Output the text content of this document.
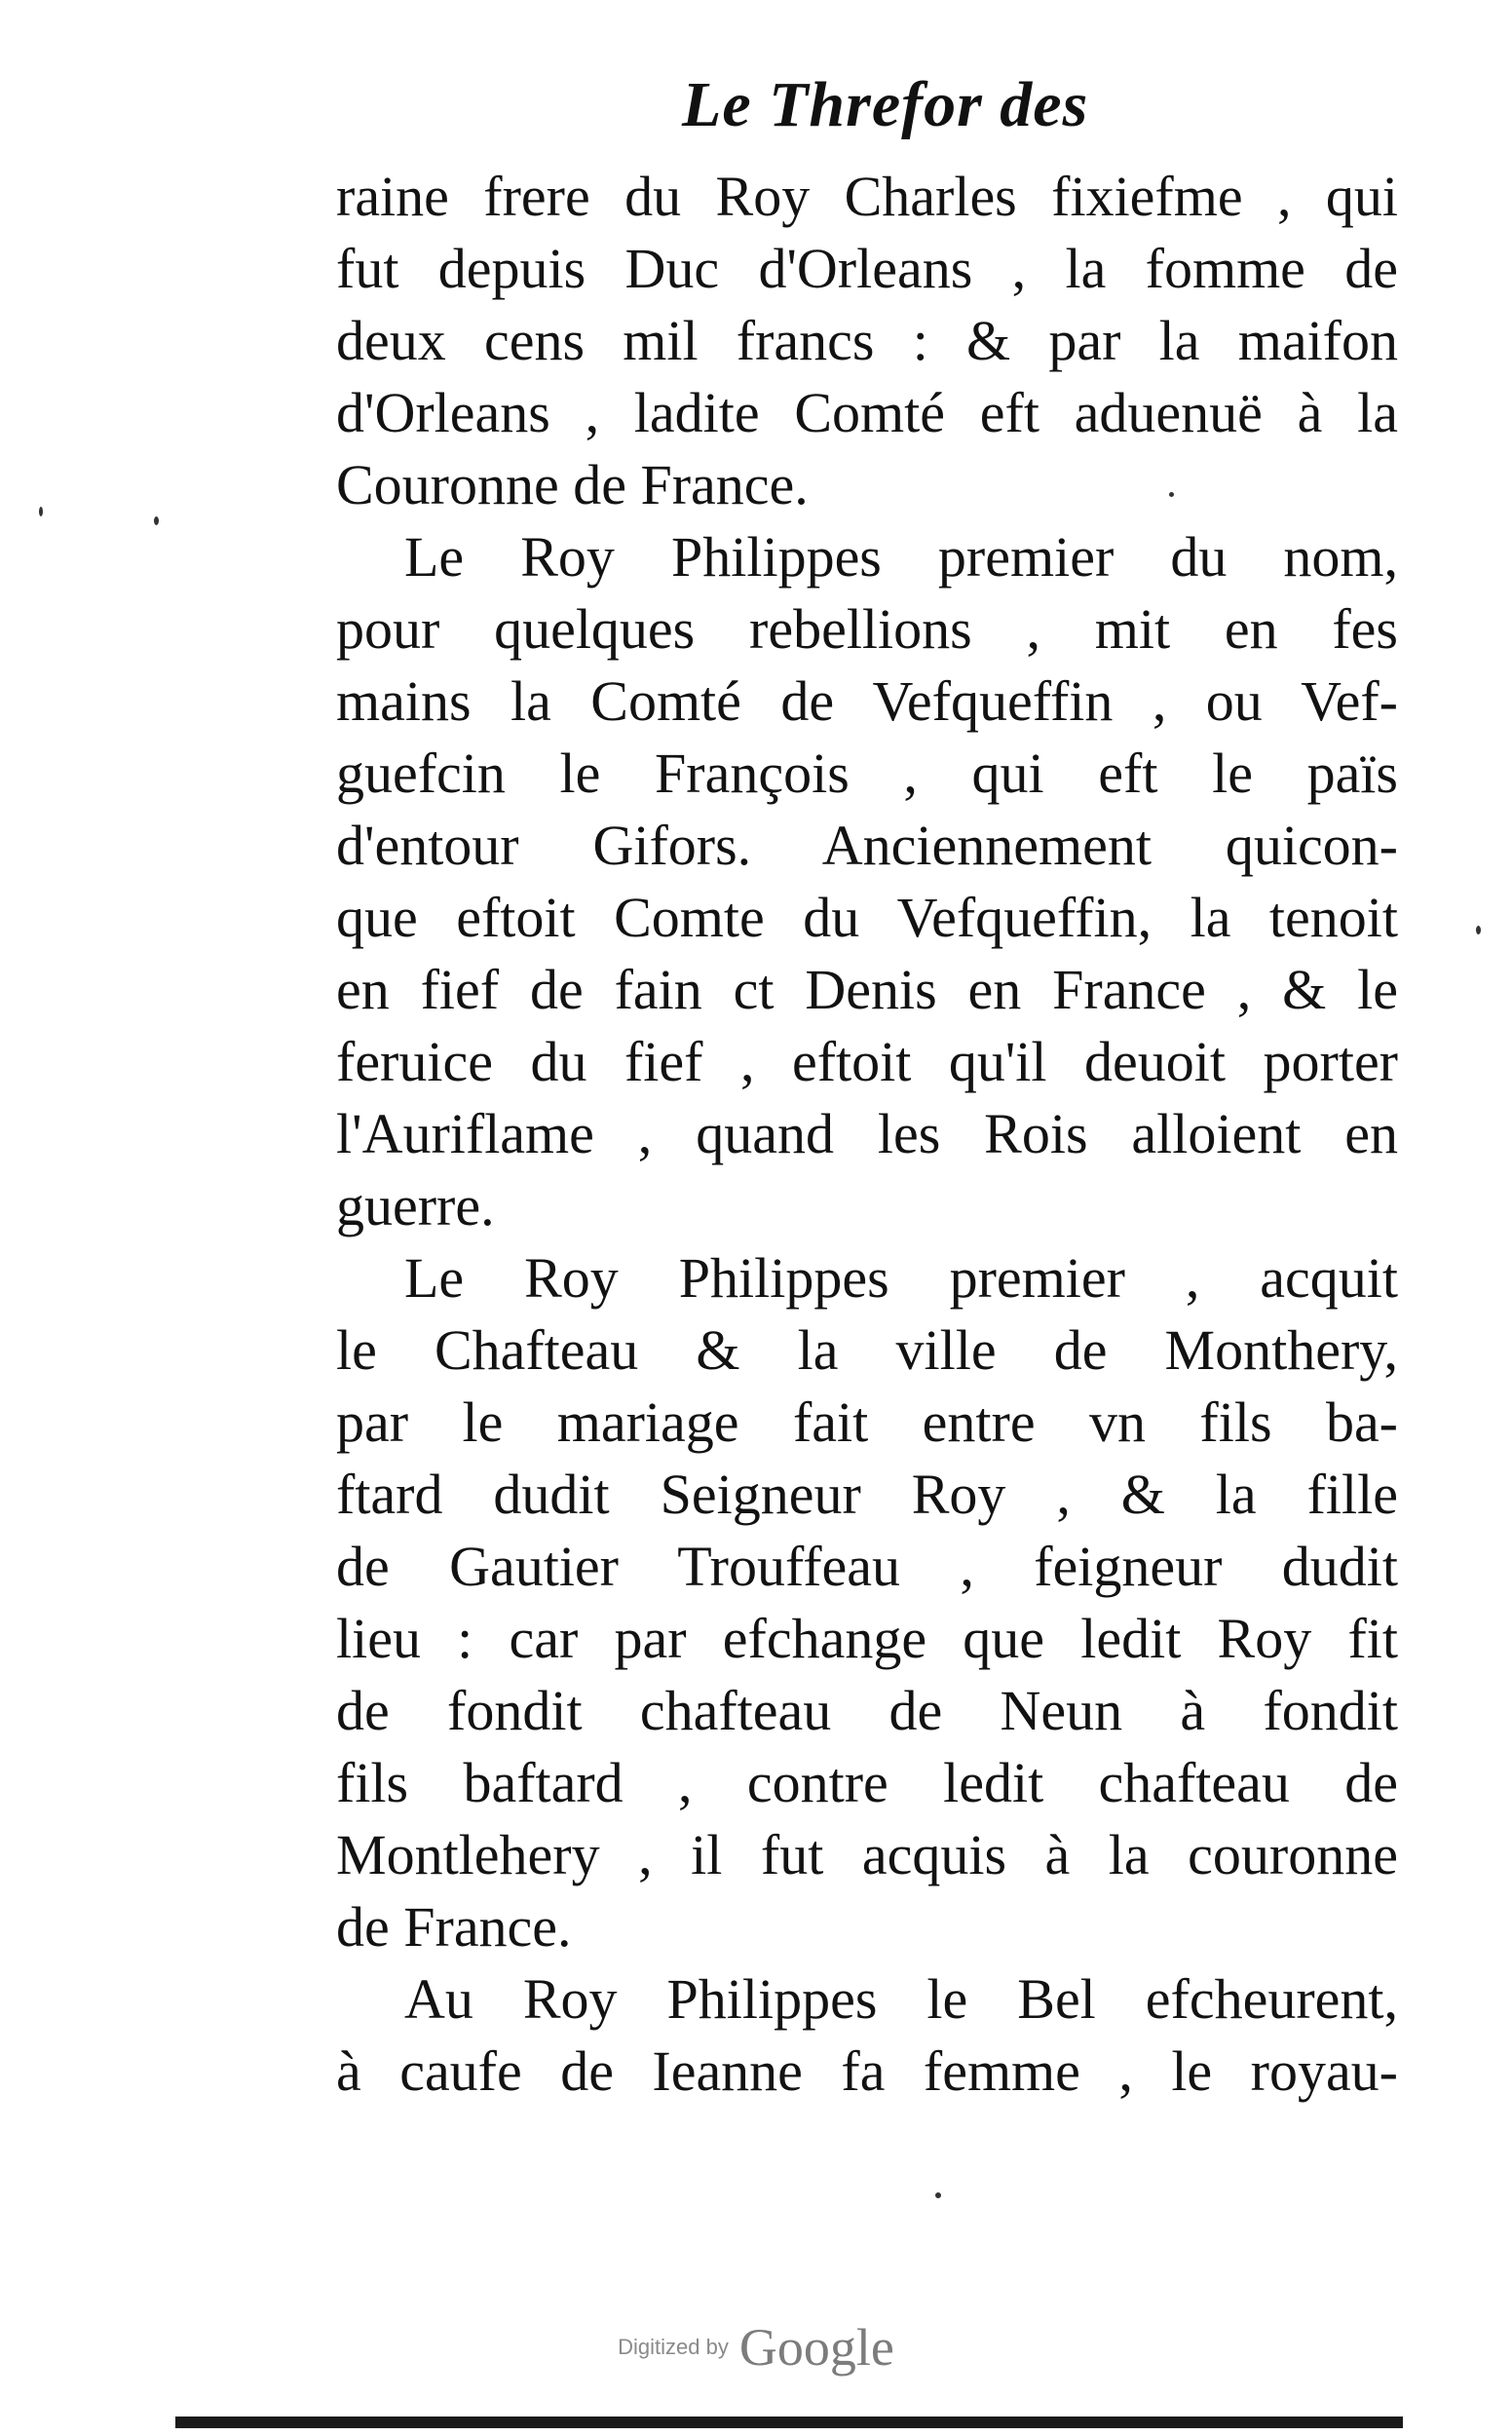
Le Threfor des
raine frere du Roy Charles fixiefme , qui
fut depuis Duc d'Orleans , la fomme de
deux cens mil francs : & par la maifon
d'Orleans , ladite Comté eft aduenuë à la
Couronne de France.
Le Roy Philippes premier du nom,
pour quelques rebellions , mit en fes
mains la Comté de Vefqueffin , ou Vef-
guefcin le François , qui eft le païs
d'entour Gifors. Anciennement quicon-
que eftoit Comte du Vefqueffin, la tenoit
en fief de fain ct Denis en France , & le
feruice du fief , eftoit qu'il deuoit porter
l'Auriflame , quand les Rois alloient en
guerre.
Le Roy Philippes premier , acquit
le Chafteau & la ville de Monthery,
par le mariage fait entre vn fils ba-
ftard dudit Seigneur Roy , & la fille
de Gautier Trouffeau , feigneur dudit
lieu : car par efchange que ledit Roy fit
de fondit chafteau de Neun à fondit
fils baftard , contre ledit chafteau de
Montlehery , il fut acquis à la couronne
de France.
Au Roy Philippes le Bel efcheurent,
à caufe de Ieanne fa femme , le royau-
Digitized by Google
